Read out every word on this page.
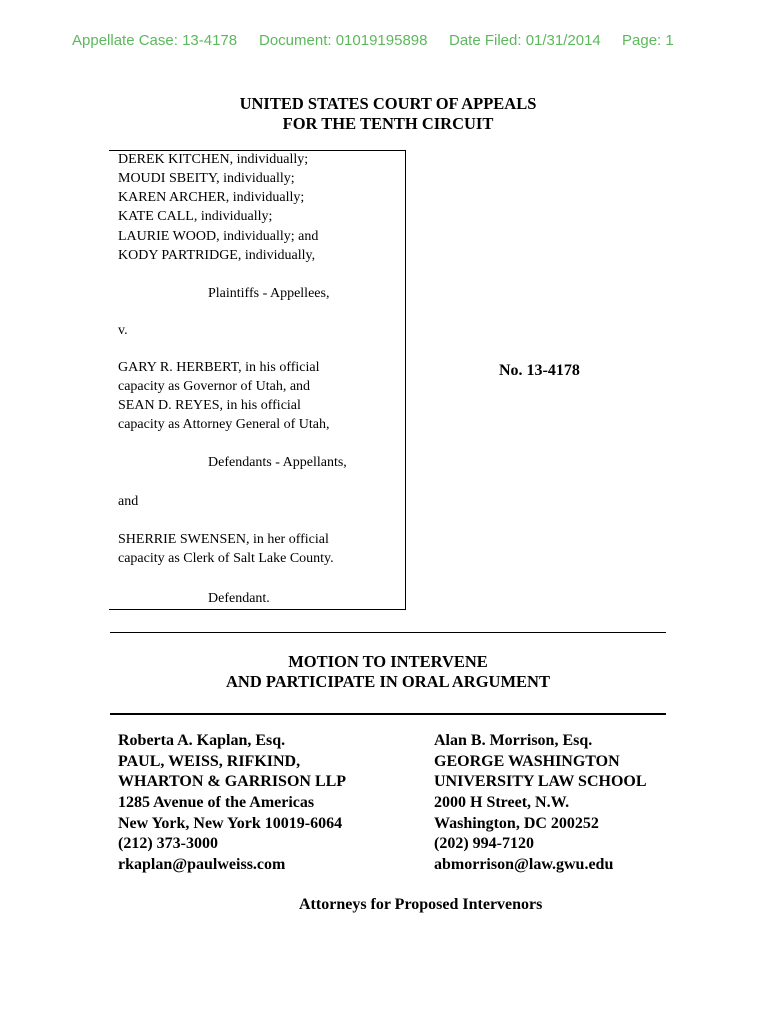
Appellate Case: 13-4178 Document: 01019195898 Date Filed: 01/31/2014 Page: 1
UNITED STATES COURT OF APPEALS
FOR THE TENTH CIRCUIT
DEREK KITCHEN, individually;
MOUDI SBEITY, individually;
KAREN ARCHER, individually;
KATE CALL, individually;
LAURIE WOOD, individually; and
KODY PARTRIDGE, individually,
Plaintiffs - Appellees,
v.
GARY R. HERBERT, in his official
capacity as Governor of Utah, and
SEAN D. REYES, in his official
capacity as Attorney General of Utah,
Defendants - Appellants,
and
SHERRIE SWENSEN, in her official
capacity as Clerk of Salt Lake County.
Defendant.
No. 13-4178
MOTION TO INTERVENE
AND PARTICIPATE IN ORAL ARGUMENT
Roberta A. Kaplan, Esq.
PAUL, WEISS, RIFKIND,
WHARTON & GARRISON LLP
1285 Avenue of the Americas
New York, New York 10019-6064
(212) 373-3000
rkaplan@paulweiss.com
Alan B. Morrison, Esq.
GEORGE WASHINGTON
UNIVERSITY LAW SCHOOL
2000 H Street, N.W.
Washington, DC 200252
(202) 994-7120
abmorrison@law.gwu.edu
Attorneys for Proposed Intervenors
